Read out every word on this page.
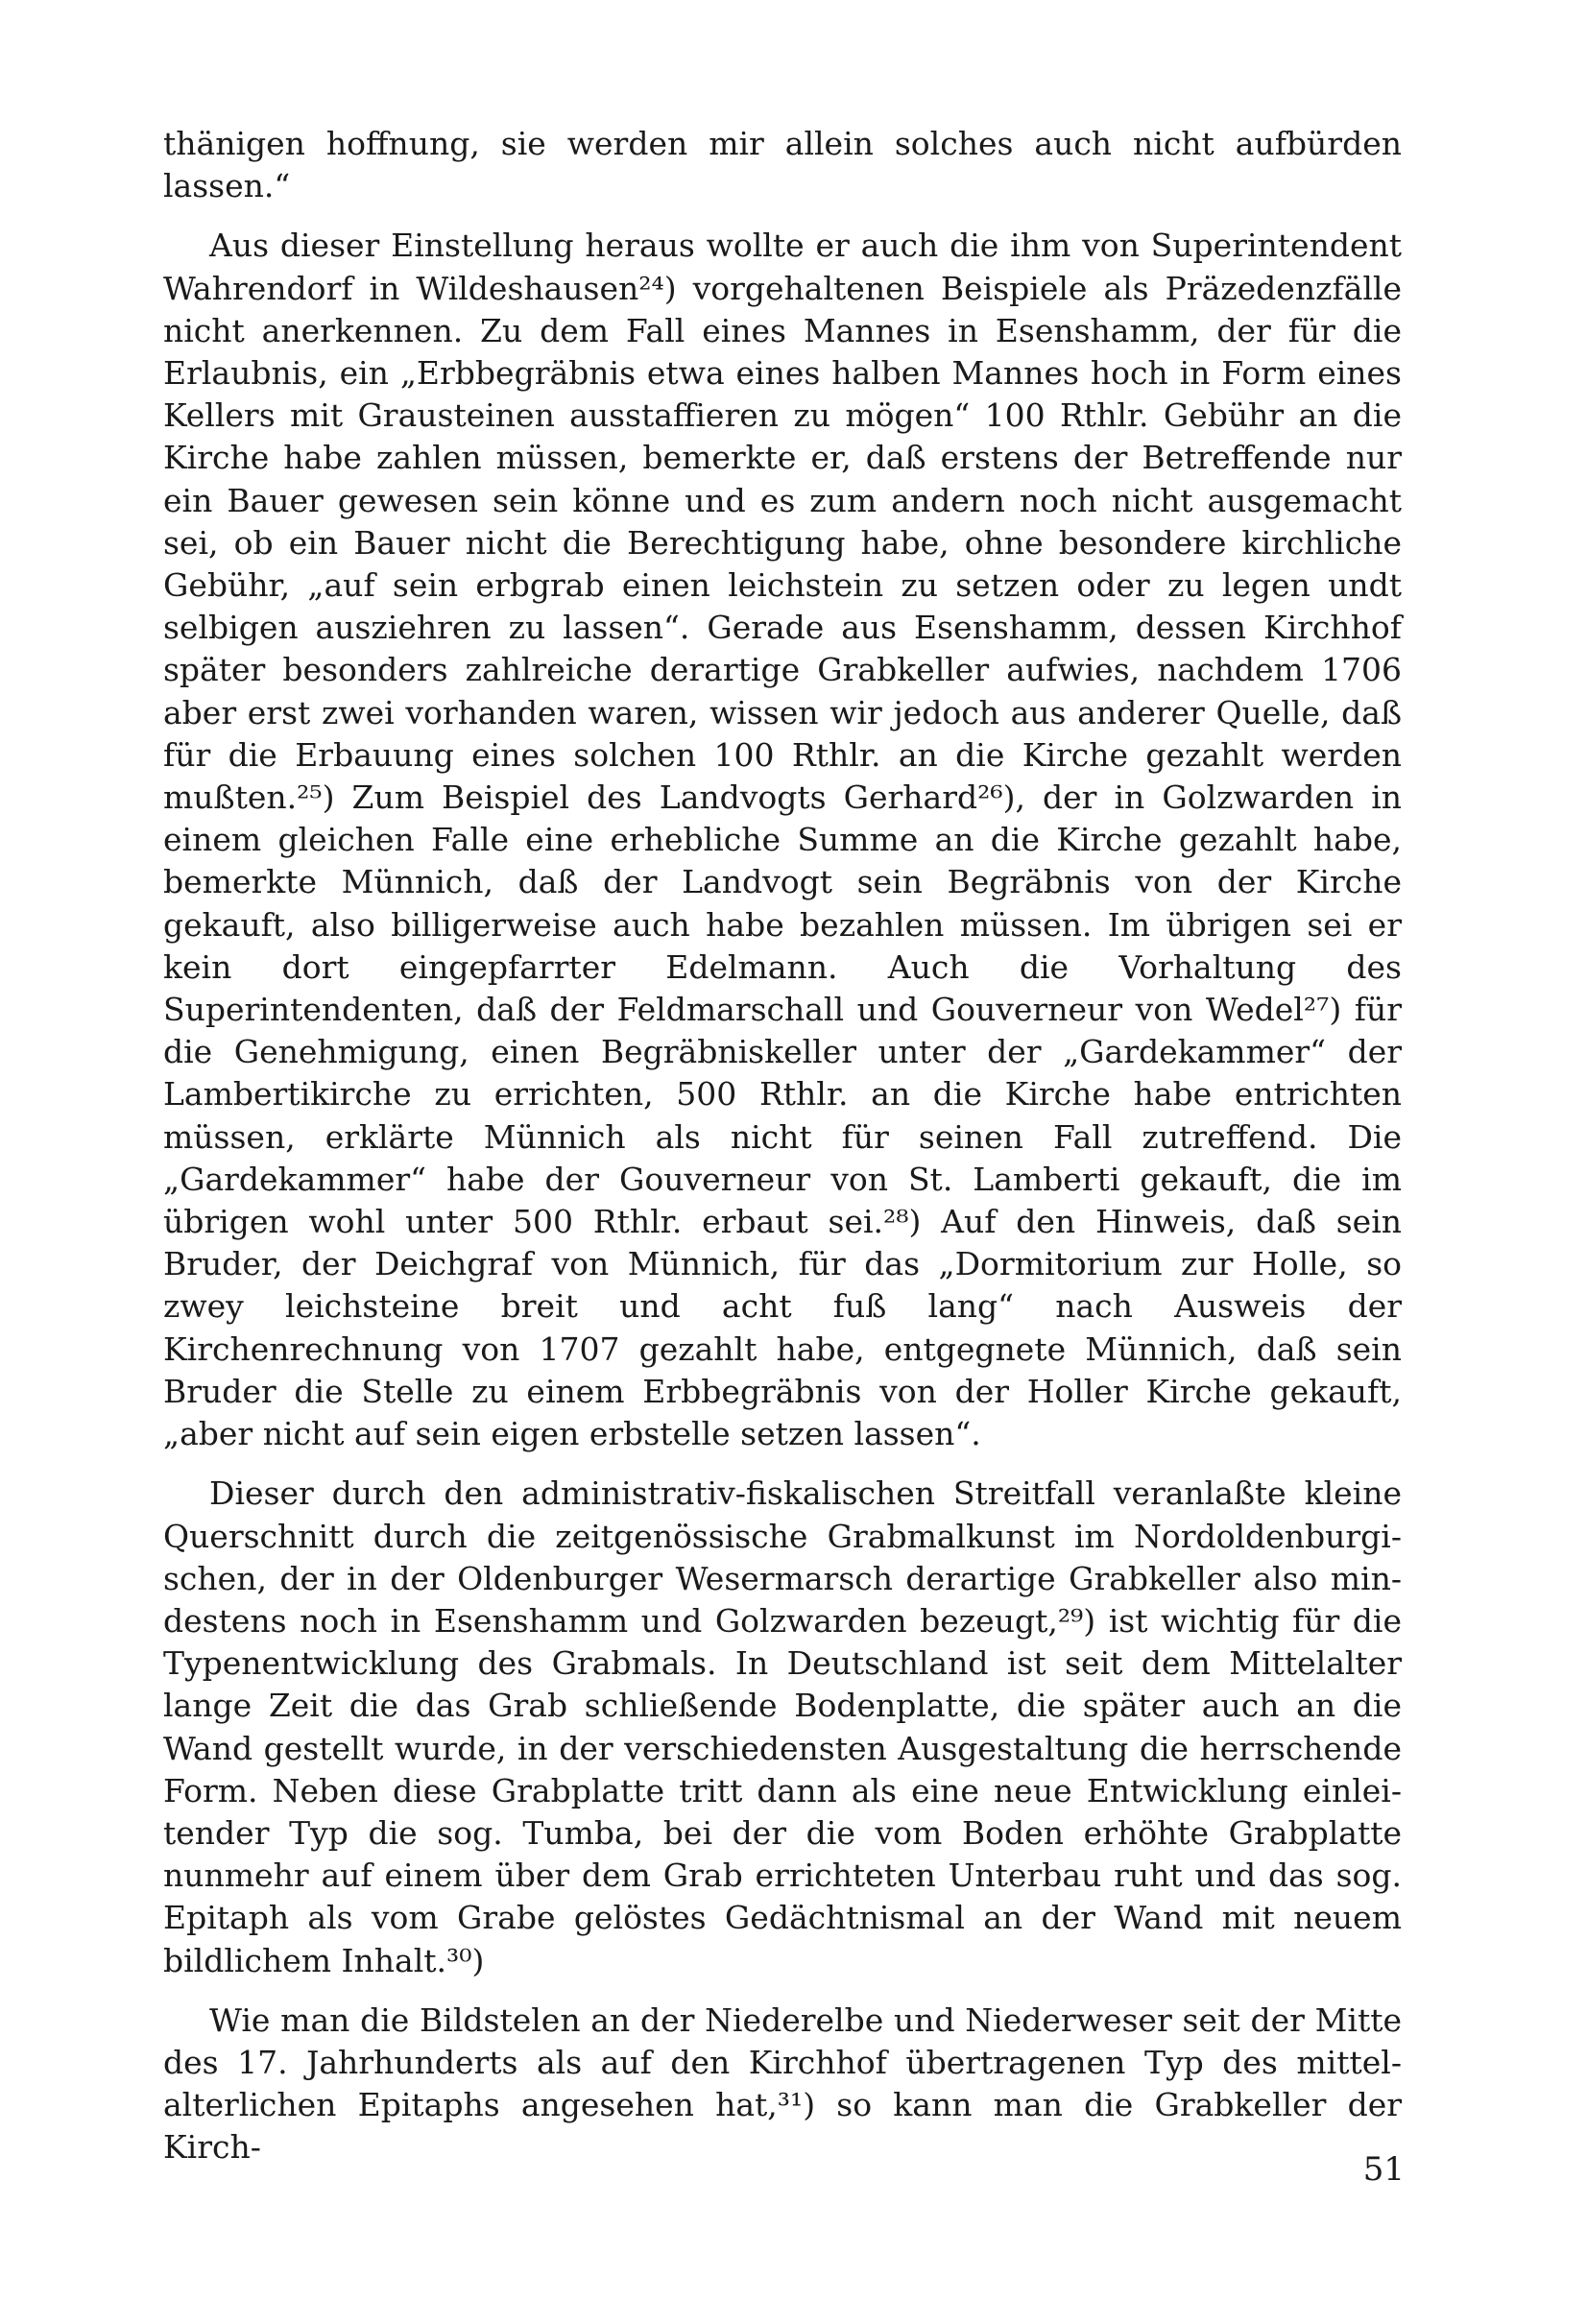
thänigen hoffnung, sie werden mir allein solches auch nicht aufbürden lassen.“

Aus dieser Einstellung heraus wollte er auch die ihm von Superintendent Wahrendorf in Wildeshausen²⁴) vorgehaltenen Beispiele als Präzedenzfälle nicht anerkennen. Zu dem Fall eines Mannes in Esenshamm, der für die Erlaubnis, ein „Erbbegräbnis etwa eines halben Mannes hoch in Form eines Kellers mit Grausteinen ausstaffieren zu mögen“ 100 Rthlr. Gebühr an die Kirche habe zahlen müssen, bemerkte er, daß erstens der Betreffende nur ein Bauer gewesen sein könne und es zum andern noch nicht ausgemacht sei, ob ein Bauer nicht die Berechtigung habe, ohne besondere kirchliche Gebühr, „auf sein erbgrab einen leichstein zu setzen oder zu legen undt selbigen ausziehren zu lassen“. Gerade aus Esenshamm, dessen Kirchhof später besonders zahlreiche derartige Grabkeller aufwies, nachdem 1706 aber erst zwei vorhanden waren, wissen wir jedoch aus anderer Quelle, daß für die Erbauung eines solchen 100 Rthlr. an die Kirche gezahlt werden mußten.²⁵) Zum Beispiel des Landvogts Gerhard²⁶), der in Golzwarden in einem gleichen Falle eine erhebliche Summe an die Kirche gezahlt habe, bemerkte Münnich, daß der Landvogt sein Begräbnis von der Kirche gekauft, also billigerweise auch habe bezahlen müssen. Im übrigen sei er kein dort eingepfarrter Edelmann. Auch die Vorhaltung des Superintendenten, daß der Feldmarschall und Gouverneur von Wedel²⁷) für die Genehmigung, einen Begräbniskeller unter der „Gardekammer“ der Lambertikirche zu errichten, 500 Rthlr. an die Kirche habe entrichten müssen, erklärte Münnich als nicht für seinen Fall zutreffend. Die „Gardekammer“ habe der Gouverneur von St. Lamberti gekauft, die im übrigen wohl unter 500 Rthlr. erbaut sei.²⁸) Auf den Hinweis, daß sein Bruder, der Deichgraf von Münnich, für das „Dormitorium zur Holle, so zwey leichsteine breit und acht fuß lang“ nach Ausweis der Kirchenrechnung von 1707 gezahlt habe, entgegnete Münnich, daß sein Bruder die Stelle zu einem Erbbegräbnis von der Holler Kirche gekauft, „aber nicht auf sein eigen erbstelle setzen lassen“.

Dieser durch den administrativ-fiskalischen Streitfall veranlaßte kleine Querschnitt durch die zeitgenössische Grabmalkunst im Nordoldenburgischen, der in der Oldenburger Wesermarsch derartige Grabkeller also mindestens noch in Esenshamm und Golzwarden bezeugt,²⁹) ist wichtig für die Typenentwicklung des Grabmals. In Deutschland ist seit dem Mittelalter lange Zeit die das Grab schließende Bodenplatte, die später auch an die Wand gestellt wurde, in der verschiedensten Ausgestaltung die herrschende Form. Neben diese Grabplatte tritt dann als eine neue Entwicklung einleitender Typ die sog. Tumba, bei der die vom Boden erhöhte Grabplatte nunmehr auf einem über dem Grab errichteten Unterbau ruht und das sog. Epitaph als vom Grabe gelöstes Gedächtnismal an der Wand mit neuem bildlichem Inhalt.³⁰)

Wie man die Bildstelen an der Niederelbe und Niederweser seit der Mitte des 17. Jahrhunderts als auf den Kirchhof übertragenen Typ des mittelalterlichen Epitaphs angesehen hat,³¹) so kann man die Grabkeller der Kirch-

51
